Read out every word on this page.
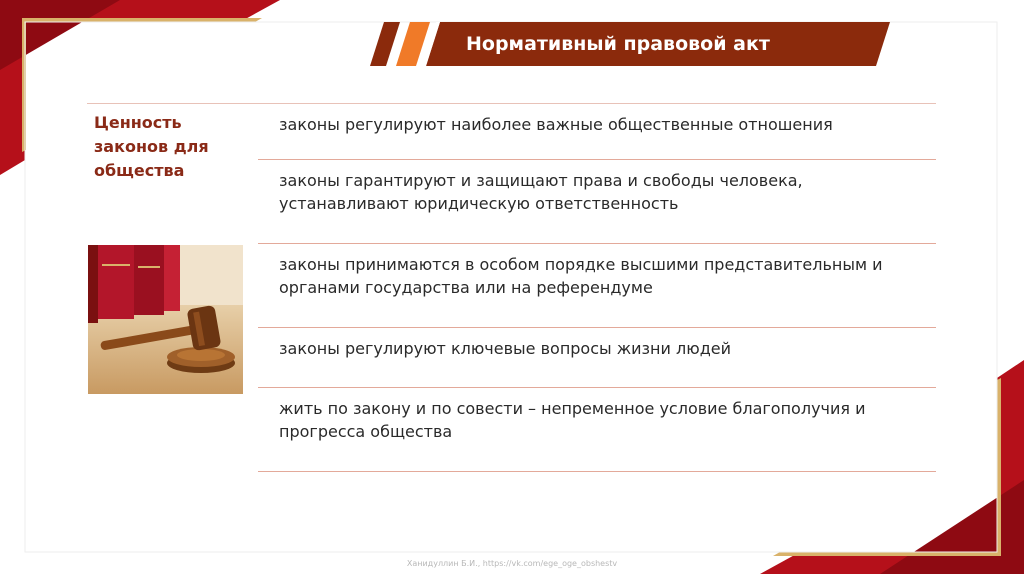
Нормативный правовой акт
Ценность законов для общества
законы регулируют наиболее важные общественные отношения
законы гарантируют и защищают права и свободы человека, устанавливают юридическую ответственность
законы принимаются в особом порядке высшими представительным и органами государства или на референдуме
законы регулируют ключевые вопросы жизни людей
жить по закону и по совести – непременное условие благополучия и прогресса общества
Ханидуллин Б.И., https://vk.com/ege_oge_obshestv
